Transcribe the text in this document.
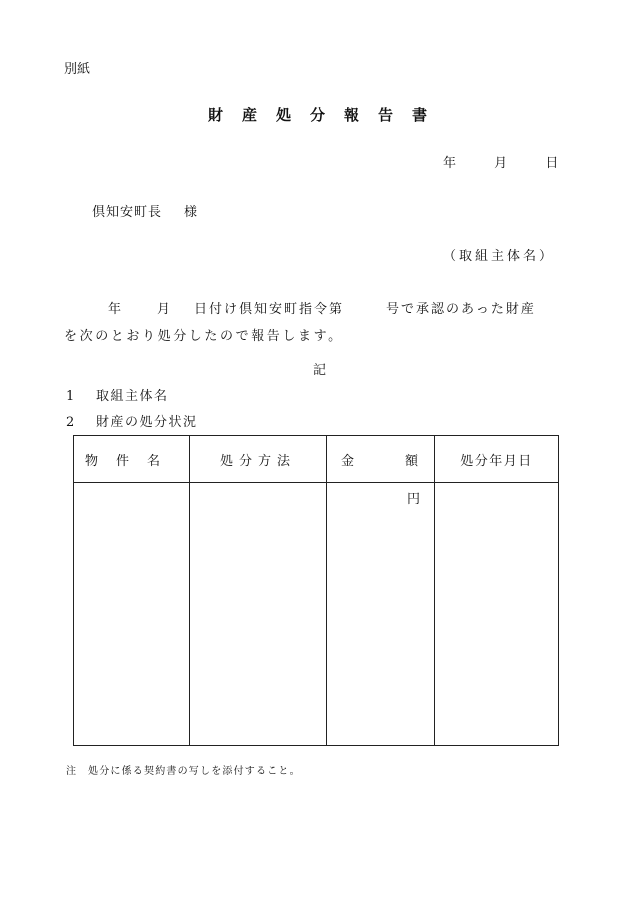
別紙
財産処分報告書
年	月	日
倶知安町長 様
（取組主体名）
年	月 日付け倶知安町指令第	号で承認のあった財産
を次のとおり処分したので報告します。
記
1 取組主体名
2 財産の処分状況
物件名	処分方法	金 額	処分年月日

		円	

注 処分に係る契約書の写しを添付すること。
